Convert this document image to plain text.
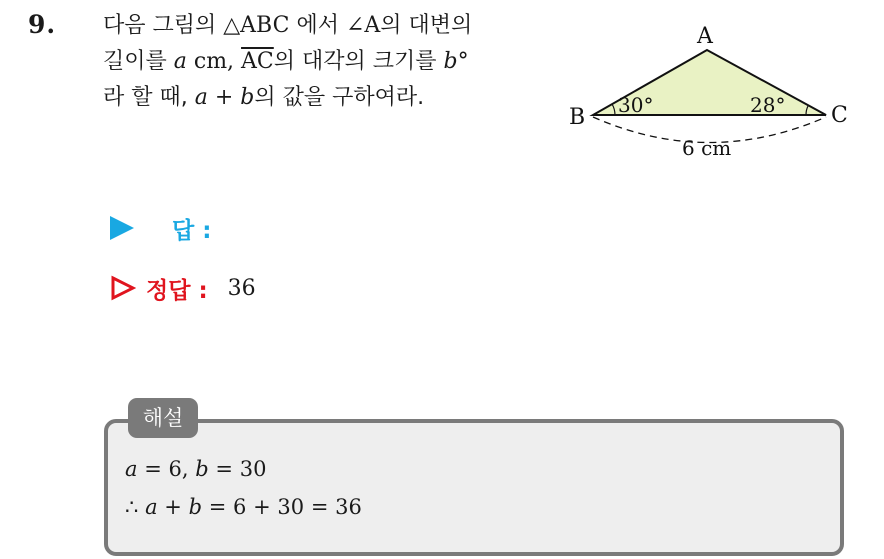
9. 다음 그림의 △ABC 에서 ∠A의 대변의
길이를 a cm, $\overline{AC}$의 대각의 크기를 b°
라 할 때, a + b의 값을 구하여라.
A
B	C
30°	28°
6 cm
답 :
정답 : 36
해설
a = 6, b = 30
∴ a + b = 6 + 30 = 36
